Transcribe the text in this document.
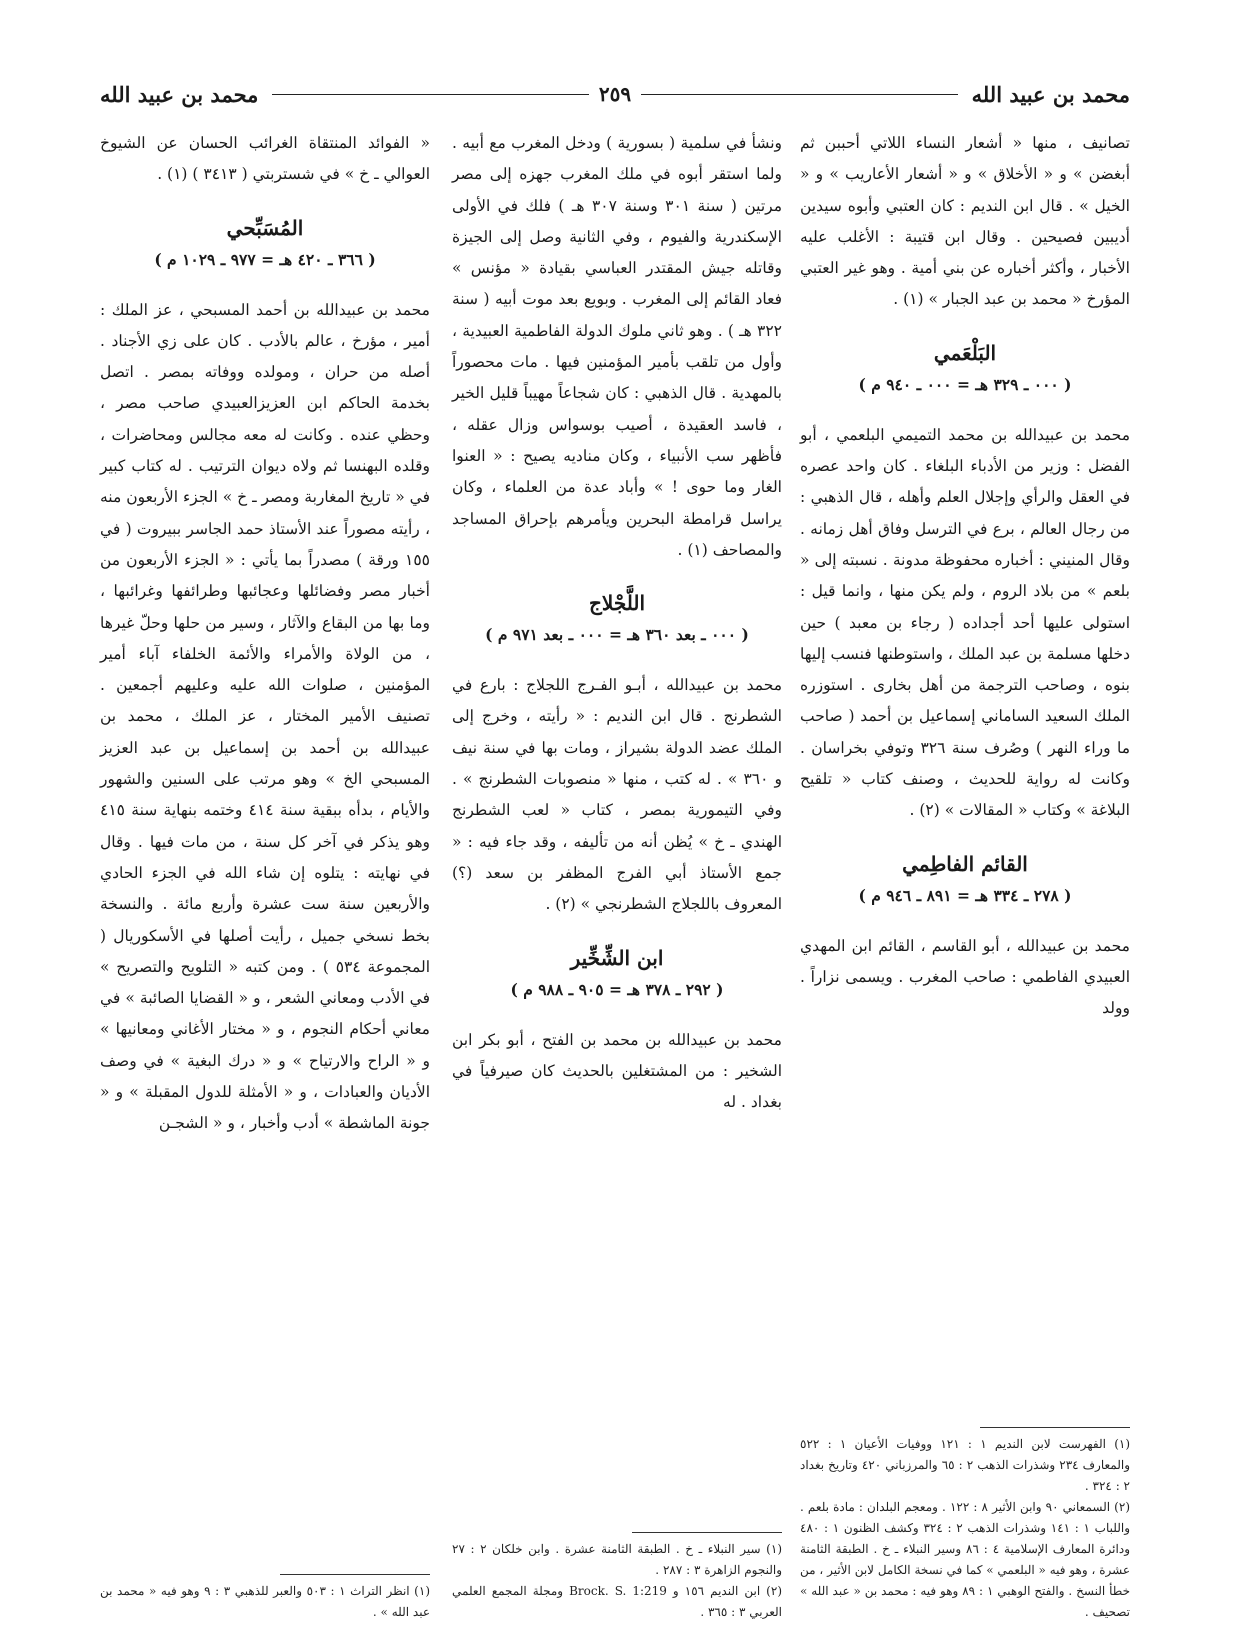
محمد بن عبيد الله
٢٥٩
محمد بن عبيد الله

تصانيف ، منها « أشعار النساء اللاتي أحببن ثم أبغضن » و « الأخلاق » و « أشعار الأعاريب » و « الخيل » . قال ابن النديم : كان العتبي وأبوه سيدين أديبين فصيحين . وقال ابن قتيبة : الأغلب عليه الأخبار ، وأكثر أخباره عن بني أمية . وهو غير العتبي المؤرخ « محمد بن عبد الجبار » (١) .

البَلْعَمي
( ٠٠٠ ـ ٣٢٩ هـ = ٠٠٠ ـ ٩٤٠ م )

محمد بن عبيدالله بن محمد التميمي البلعمي ، أبو الفضل : وزير من الأدباء البلغاء . كان واحد عصره في العقل والرأي وإجلال العلم وأهله ، قال الذهبي : من رجال العالم ، برع في الترسل وفاق أهل زمانه . وقال المنيني : أخباره محفوظة مدونة . نسبته إلى « بلعم » من بلاد الروم ، ولم يكن منها ، وانما قيل : استولى عليها أحد أجداده ( رجاء بن معبد ) حين دخلها مسلمة بن عبد الملك ، واستوطنها فنسب إليها بنوه ، وصاحب الترجمة من أهل بخارى . استوزره الملك السعيد الساماني إسماعيل بن أحمد ( صاحب ما وراء النهر ) وصُرف سنة ٣٢٦ وتوفي بخراسان . وكانت له رواية للحديث ، وصنف كتاب « تلقيح البلاغة » وكتاب « المقالات » (٢) .

القائم الفاطِمي
( ٢٧٨ ـ ٣٣٤ هـ = ٨٩١ ـ ٩٤٦ م )

محمد بن عبيدالله ، أبو القاسم ، القائم ابن المهدي العبيدي الفاطمي : صاحب المغرب . ويسمى نزاراً . وولد

(١) الفهرست لابن النديم ١ : ١٢١ ووفيات الأعيان ١ : ٥٢٢ والمعارف ٢٣٤ وشذرات الذهب ٢ : ٦٥ والمرزباني ٤٢٠ وتاريخ بغداد ٢ : ٣٢٤ .

(٢) السمعاني ٩٠ وابن الأثير ٨ : ١٢٢ . ومعجم البلدان : مادة بلعم . واللباب ١ : ١٤١ وشذرات الذهب ٢ : ٣٢٤ وكشف الظنون ١ : ٤٨٠ ودائرة المعارف الإسلامية ٤ : ٨٦ وسير النبلاء ـ خ . الطبقة الثامنة عشرة ، وهو فيه « البلعمي » كما في نسخة الكامل لابن الأثير ، من خطأ النسخ . والفتح الوهبي ١ : ٨٩ وهو فيه : محمد بن « عبد الله » تصحيف .

ونشأ في سلمية ( بسورية ) ودخل المغرب مع أبيه . ولما استقر أبوه في ملك المغرب جهزه إلى مصر مرتين ( سنة ٣٠١ وسنة ٣٠٧ هـ ) فلك في الأولى الإسكندرية والفيوم ، وفي الثانية وصل إلى الجيزة وقاتله جيش المقتدر العباسي بقيادة « مؤنس » فعاد القائم إلى المغرب . وبويع بعد موت أبيه ( سنة ٣٢٢ هـ ) . وهو ثاني ملوك الدولة الفاطمية العبيدية ، وأول من تلقب بأمير المؤمنين فيها . مات محصوراً بالمهدية . قال الذهبي : كان شجاعاً مهيباً قليل الخير ، فاسد العقيدة ، أصيب بوسواس وزال عقله ، فأظهر سب الأنبياء ، وكان مناديه يصيح : « العنوا الغار وما حوى ! » وأباد عدة من العلماء ، وكان يراسل قرامطة البحرين ويأمرهم بإحراق المساجد والمصاحف (١) .

اللَّجْلاج
( ٠٠٠ ـ بعد ٣٦٠ هـ = ٠٠٠ ـ بعد ٩٧١ م )

محمد بن عبيدالله ، أبـو الفـرج اللجلاج : بارع في الشطرنج . قال ابن النديم : « رأيته ، وخرج إلى الملك عضد الدولة بشيراز ، ومات بها في سنة نيف و ٣٦٠ » . له كتب ، منها « منصوبات الشطرنج » . وفي التيمورية بمصر ، كتاب « لعب الشطرنج الهندي ـ خ » يُظن أنه من تأليفه ، وقد جاء فيه : « جمع الأستاذ أبي الفرج المظفر بن سعد (؟) المعروف باللجلاج الشطرنجي » (٢) .

ابن الشِّخِّير
( ٢٩٢ ـ ٣٧٨ هـ = ٩٠٥ ـ ٩٨٨ م )

محمد بن عبيدالله بن محمد بن الفتح ، أبو بكر ابن الشخير : من المشتغلين بالحديث كان صيرفياً في بغداد . له

(١) سير النبلاء ـ خ . الطبقة الثامنة عشرة . وابن خلكان ٢ : ٢٧ والنجوم الزاهرة ٣ : ٢٨٧ .

(٢) ابن النديم ١٥٦ و Brock. S. 1:219 ومجلة المجمع العلمي العربي ٣ : ٣٦٥ .

« الفوائد المنتقاة الغرائب الحسان عن الشيوخ العوالي ـ خ » في شستربتي ( ٣٤١٣ ) (١) .

المُسَبِّحي
( ٣٦٦ ـ ٤٢٠ هـ = ٩٧٧ ـ ١٠٢٩ م )

محمد بن عبيدالله بن أحمد المسبحي ، عز الملك : أمير ، مؤرخ ، عالم بالأدب . كان على زي الأجناد . أصله من حران ، ومولده ووفاته بمصر . اتصل بخدمة الحاكم ابن العزيزالعبيدي صاحب مصر ، وحظي عنده . وكانت له معه مجالس ومحاضرات ، وقلده البهنسا ثم ولاه ديوان الترتيب . له كتاب كبير في « تاريخ المغاربة ومصر ـ خ » الجزء الأربعون منه ، رأيته مصوراً عند الأستاذ حمد الجاسر ببيروت ( في ١٥٥ ورقة ) مصدراً بما يأتي : « الجزء الأربعون من أخبار مصر وفضائلها وعجائبها وطرائفها وغرائبها ، وما بها من البقاع والآثار ، وسير من حلها وحلّ غيرها ، من الولاة والأمراء والأئمة الخلفاء آباء أمير المؤمنين ، صلوات الله عليه وعليهم أجمعين . تصنيف الأمير المختار ، عز الملك ، محمد بن عبيدالله بن أحمد بن إسماعيل بن عبد العزيز المسبحي الخ » وهو مرتب على السنين والشهور والأيام ، بدأه ببقية سنة ٤١٤ وختمه بنهاية سنة ٤١٥ وهو يذكر في آخر كل سنة ، من مات فيها . وقال في نهايته : يتلوه إن شاء الله في الجزء الحادي والأربعين سنة ست عشرة وأربع مائة . والنسخة بخط نسخي جميل ، رأيت أصلها في الأسكوريال ( المجموعة ٥٣٤ ) . ومن كتبه « التلويح والتصريح » في الأدب ومعاني الشعر ، و « القضايا الصائبة » في معاني أحكام النجوم ، و « مختار الأغاني ومعانيها » و « الراح والارتياح » و « درك البغية » في وصف الأديان والعبادات ، و « الأمثلة للدول المقبلة » و « جونة الماشطة » أدب وأخبار ، و « الشجـن

(١) انظر التراث ١ : ٥٠٣ والعبر للذهبي ٣ : ٩ وهو فيه « محمد بن عبد الله » .
